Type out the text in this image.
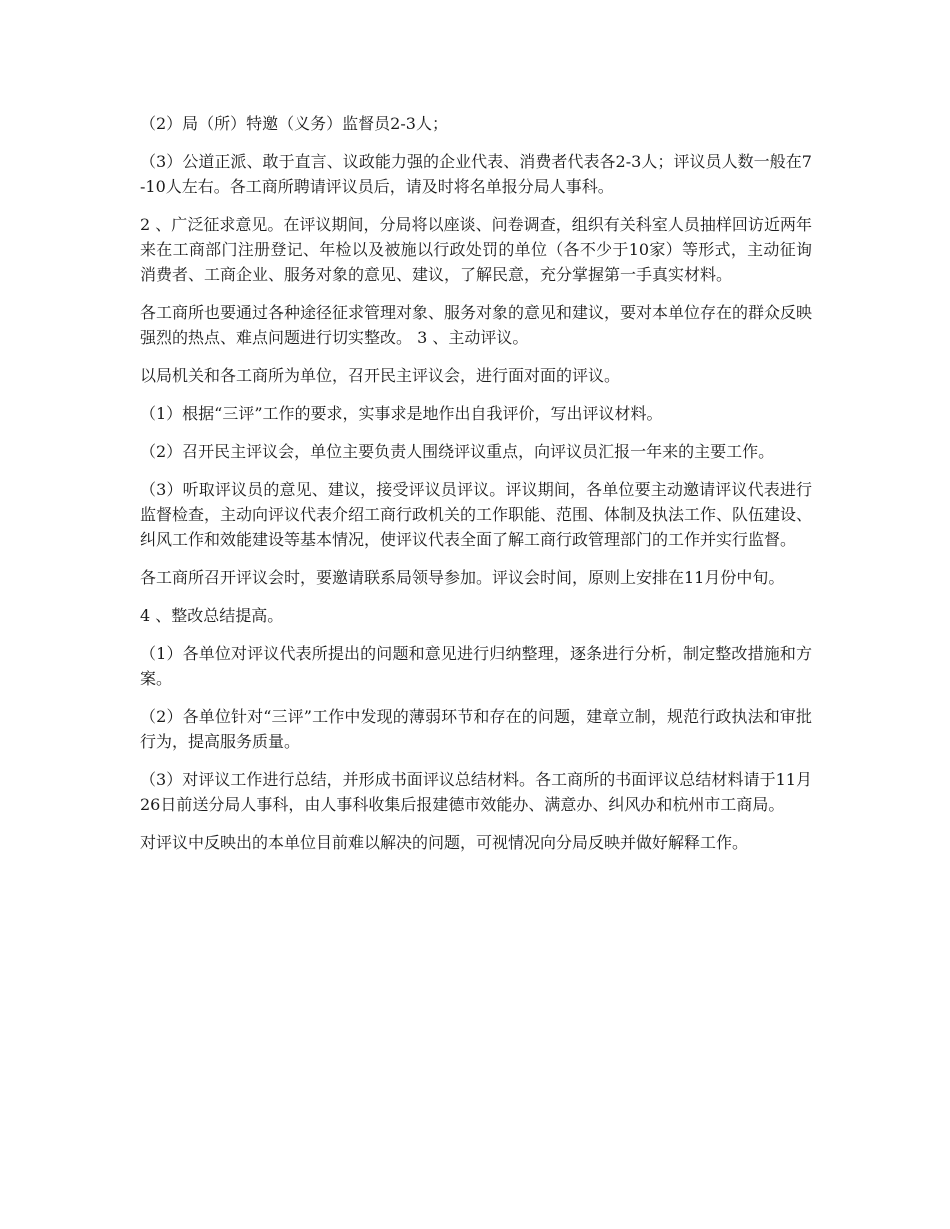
（2）局（所）特邀（义务）监督员2-3人；

（3）公道正派、敢于直言、议政能力强的企业代表、消费者代表各2-3人；评议员人数一般在7-10人左右。各工商所聘请评议员后，请及时将名单报分局人事科。

2 、广泛征求意见。在评议期间，分局将以座谈、问卷调查，组织有关科室人员抽样回访近两年来在工商部门注册登记、年检以及被施以行政处罚的单位（各不少于10家）等形式，主动征询消费者、工商企业、服务对象的意见、建议，了解民意，充分掌握第一手真实材料。

各工商所也要通过各种途径征求管理对象、服务对象的意见和建议，要对本单位存在的群众反映强烈的热点、难点问题进行切实整改。 3 、主动评议。

以局机关和各工商所为单位，召开民主评议会，进行面对面的评议。

（1）根据“三评”工作的要求，实事求是地作出自我评价，写出评议材料。

（2）召开民主评议会，单位主要负责人围绕评议重点，向评议员汇报一年来的主要工作。

（3）听取评议员的意见、建议，接受评议员评议。评议期间，各单位要主动邀请评议代表进行监督检查，主动向评议代表介绍工商行政机关的工作职能、范围、体制及执法工作、队伍建设、纠风工作和效能建设等基本情况，使评议代表全面了解工商行政管理部门的工作并实行监督。

各工商所召开评议会时，要邀请联系局领导参加。评议会时间，原则上安排在11月份中旬。

4 、整改总结提高。

（1）各单位对评议代表所提出的问题和意见进行归纳整理，逐条进行分析，制定整改措施和方案。

（2）各单位针对“三评”工作中发现的薄弱环节和存在的问题，建章立制，规范行政执法和审批行为，提高服务质量。

（3）对评议工作进行总结，并形成书面评议总结材料。各工商所的书面评议总结材料请于11月26日前送分局人事科，由人事科收集后报建德市效能办、满意办、纠风办和杭州市工商局。

对评议中反映出的本单位目前难以解决的问题，可视情况向分局反映并做好解释工作。
